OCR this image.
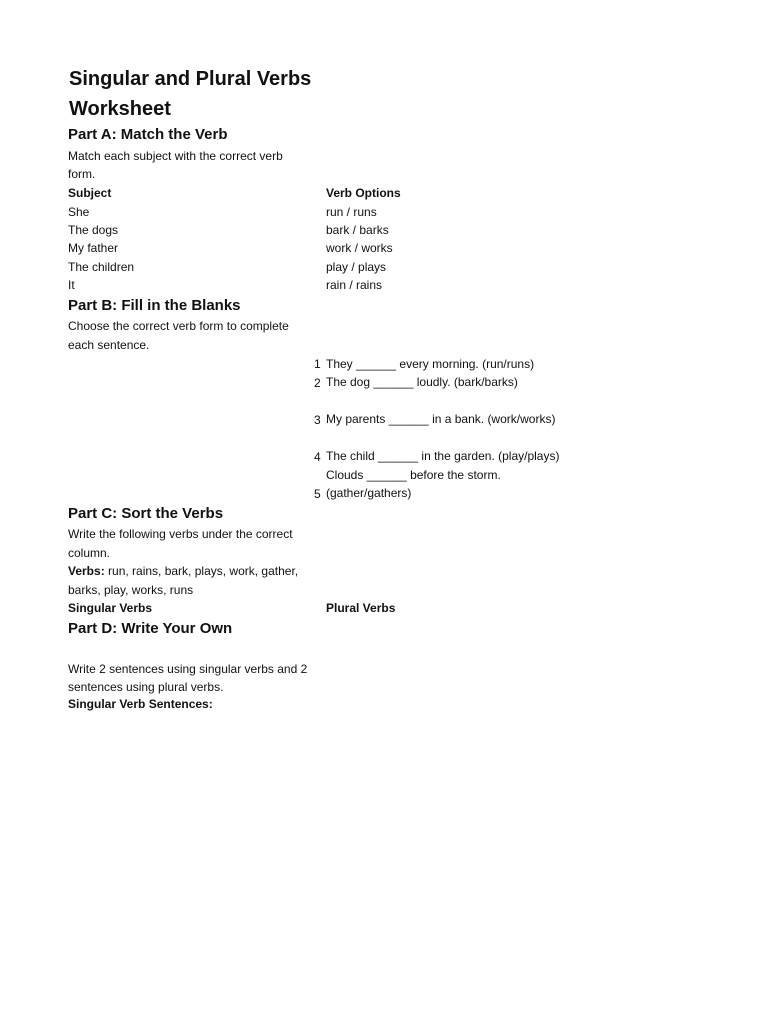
Singular and Plural Verbs
Worksheet
Part A: Match the Verb
Match each subject with the correct verb
form.
Subject	Verb Options
She	run / runs
The dogs	bark / barks
My father	work / works
The children	play / plays
It	rain / rains
Part B: Fill in the Blanks
Choose the correct verb form to complete
each sentence.
1 They ______ every morning. (run/runs)
2 The dog ______ loudly. (bark/barks)
3 My parents ______ in a bank. (work/works)
4 The child ______ in the garden. (play/plays)
Clouds ______ before the storm.
5 (gather/gathers)
Part C: Sort the Verbs
Write the following verbs under the correct
column.
Verbs: run, rains, bark, plays, work, gather,
barks, play, works, runs
Singular Verbs	Plural Verbs
Part D: Write Your Own
Write 2 sentences using singular verbs and 2
sentences using plural verbs.
Singular Verb Sentences:
